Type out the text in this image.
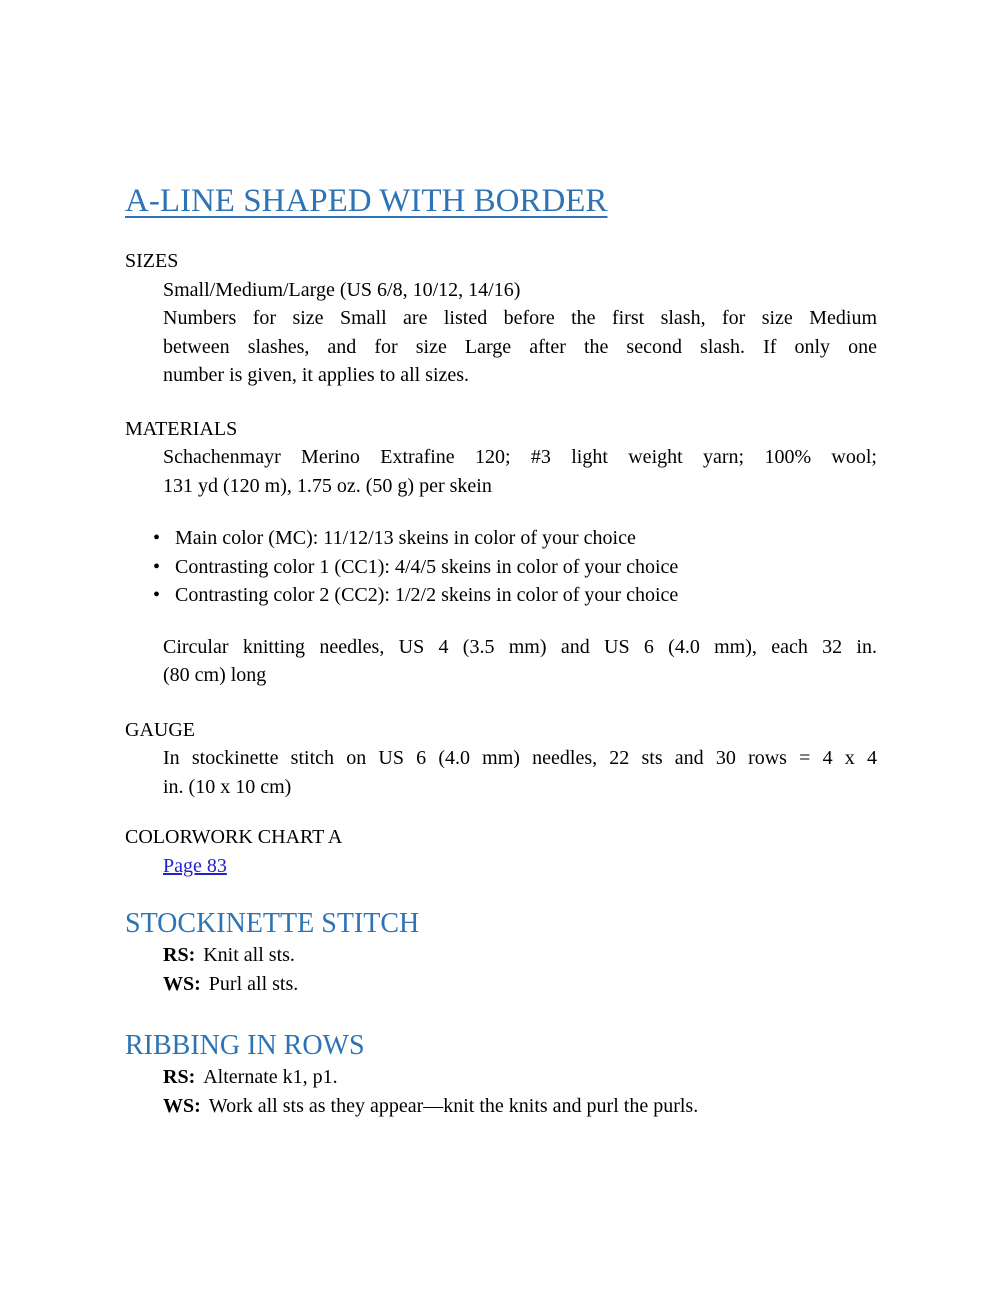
A-LINE SHAPED WITH BORDER
SIZES
Small/Medium/Large (US 6/8, 10/12, 14/16)
Numbers for size Small are listed before the first slash, for size Medium
between slashes, and for size Large after the second slash. If only one
number is given, it applies to all sizes.
MATERIALS
Schachenmayr Merino Extrafine 120; #3 light weight yarn; 100% wool;
131 yd (120 m), 1.75 oz. (50 g) per skein
• Main color (MC): 11/12/13 skeins in color of your choice
• Contrasting color 1 (CC1): 4/4/5 skeins in color of your choice
• Contrasting color 2 (CC2): 1/2/2 skeins in color of your choice
Circular knitting needles, US 4 (3.5 mm) and US 6 (4.0 mm), each 32 in.
(80 cm) long
GAUGE
In stockinette stitch on US 6 (4.0 mm) needles, 22 sts and 30 rows = 4 x 4
in. (10 x 10 cm)
COLORWORK CHART A
Page 83
STOCKINETTE STITCH
RS: Knit all sts.
WS: Purl all sts.
RIBBING IN ROWS
RS: Alternate k1, p1.
WS: Work all sts as they appear—knit the knits and purl the purls.
